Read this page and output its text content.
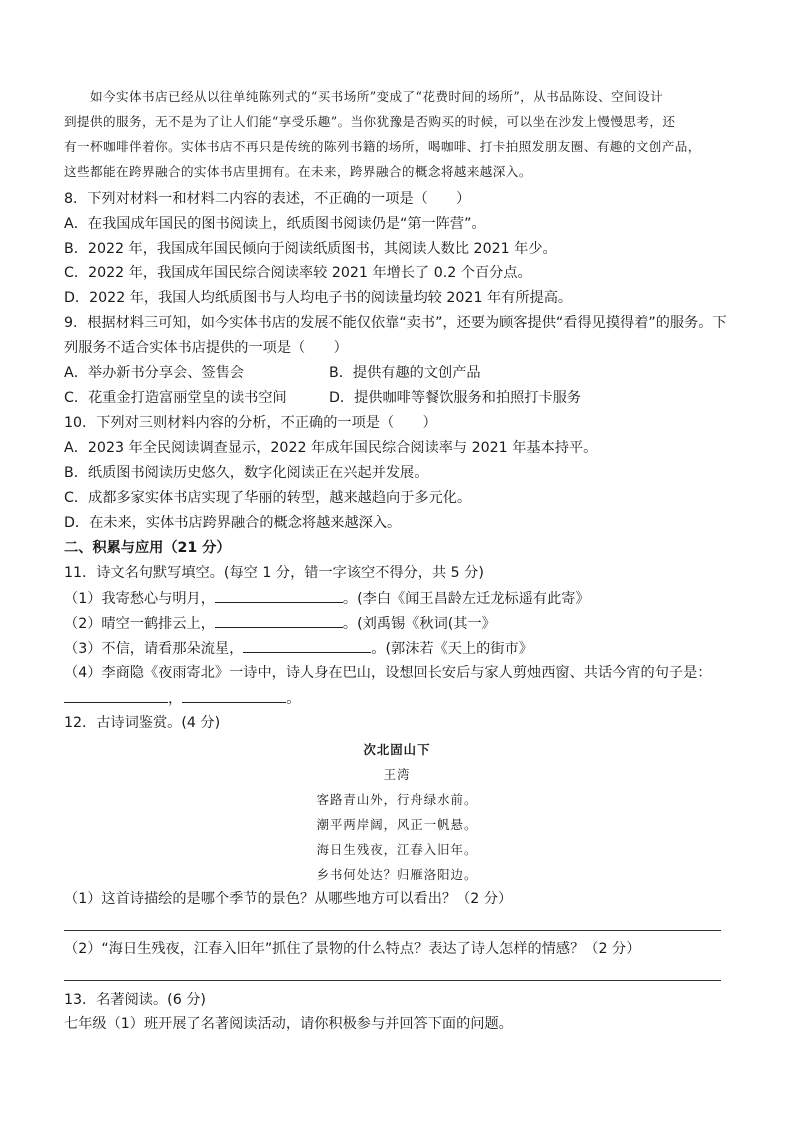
如今实体书店已经从以往单纯陈列式的“买书场所”变成了“花费时间的场所”，从书品陈设、空间设计

到提供的服务，无不是为了让人们能“享受乐趣”。当你犹豫是否购买的时候，可以坐在沙发上慢慢思考，还

有一杯咖啡伴着你。实体书店不再只是传统的陈列书籍的场所，喝咖啡、打卡拍照发朋友圈、有趣的文创产品，

这些都能在跨界融合的实体书店里拥有。在未来，跨界融合的概念将越来越深入。

8．下列对材料一和材料二内容的表述，不正确的一项是（　　）
A．在我国成年国民的图书阅读上，纸质图书阅读仍是“第一阵营”。
B．2022 年，我国成年国民倾向于阅读纸质图书，其阅读人数比 2021 年少。
C．2022 年，我国成年国民综合阅读率较 2021 年增长了 0.2 个百分点。
D．2022 年，我国人均纸质图书与人均电子书的阅读量均较 2021 年有所提高。
9．根据材料三可知，如今实体书店的发展不能仅依靠“卖书”，还要为顾客提供“看得见摸得着”的服务。下
列服务不适合实体书店提供的一项是（　　）
A．举办新书分享会、签售会	B．提供有趣的文创产品
C．花重金打造富丽堂皇的读书空间	D．提供咖啡等餐饮服务和拍照打卡服务
10．下列对三则材料内容的分析，不正确的一项是（　　）
A．2023 年全民阅读调查显示，2022 年成年国民综合阅读率与 2021 年基本持平。
B．纸质图书阅读历史悠久，数字化阅读正在兴起并发展。
C．成都多家实体书店实现了华丽的转型，越来越趋向于多元化。
D．在未来，实体书店跨界融合的概念将越来越深入。
二、积累与应用（21 分）
11．诗文名句默写填空。(每空 1 分，错一字该空不得分，共 5 分)
（1）我寄愁心与明月，	。(李白《闻王昌龄左迁龙标遥有此寄》
（2）晴空一鹤排云上，	。(刘禹锡《秋词(其一》
（3）不信，请看那朵流星，	。(郭沫若《天上的街市》
（4）李商隐《夜雨寄北》一诗中，诗人身在巴山，设想回长安后与家人剪烛西窗、共话今宵的句子是：
，	。
12．古诗词鉴赏。(4 分)
次北固山下
王湾
客路青山外，行舟绿水前。
潮平两岸阔，风正一帆悬。
海日生残夜，江春入旧年。
乡书何处达？归雁洛阳边。
（1）这首诗描绘的是哪个季节的景色？从哪些地方可以看出？（2 分）
（2）“海日生残夜，江春入旧年”抓住了景物的什么特点？表达了诗人怎样的情感？（2 分）
13．名著阅读。(6 分)
七年级（1）班开展了名著阅读活动，请你积极参与并回答下面的问题。
